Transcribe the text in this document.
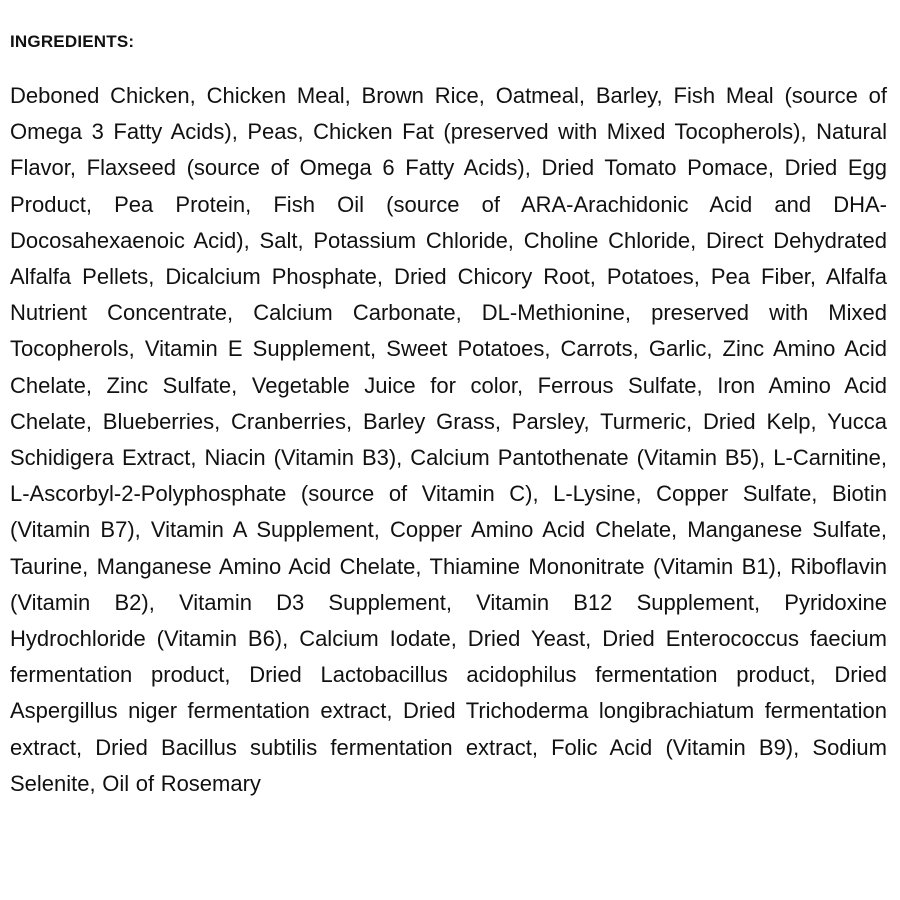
INGREDIENTS:

Deboned Chicken, Chicken Meal, Brown Rice, Oatmeal, Barley, Fish Meal (source of Omega 3 Fatty Acids), Peas, Chicken Fat (preserved with Mixed Tocopherols), Natural Flavor, Flaxseed (source of Omega 6 Fatty Acids), Dried Tomato Pomace, Dried Egg Product, Pea Protein, Fish Oil (source of ARA-Arachidonic Acid and DHA- Docosahexaenoic Acid), Salt, Potassium Chloride, Choline Chloride, Direct Dehydrated Alfalfa Pellets, Dicalcium Phosphate, Dried Chicory Root, Potatoes, Pea Fiber, Alfalfa Nutrient Concentrate, Calcium Carbonate, DL-Methionine, preserved with Mixed Tocopherols, Vitamin E Supplement, Sweet Potatoes, Carrots, Garlic, Zinc Amino Acid Chelate, Zinc Sulfate, Vegetable Juice for color, Ferrous Sulfate, Iron Amino Acid Chelate, Blueberries, Cranberries, Barley Grass, Parsley, Turmeric, Dried Kelp, Yucca Schidigera Extract, Niacin (Vitamin B3), Calcium Pantothenate (Vitamin B5), L-Carnitine, L-Ascorbyl-2-Polyphosphate (source of Vitamin C), L-Lysine, Copper Sulfate, Biotin (Vitamin B7), Vitamin A Supplement, Copper Amino Acid Chelate, Manganese Sulfate, Taurine, Manganese Amino Acid Chelate, Thiamine Mononitrate (Vitamin B1), Riboflavin (Vitamin B2), Vitamin D3 Supplement, Vitamin B12 Supplement, Pyridoxine Hydrochloride (Vitamin B6), Calcium Iodate, Dried Yeast, Dried Enterococcus faecium fermentation product, Dried Lactobacillus acidophilus fermentation product, Dried Aspergillus niger fermentation extract, Dried Trichoderma longibrachiatum fermentation extract, Dried Bacillus subtilis fermentation extract, Folic Acid (Vitamin B9), Sodium Selenite, Oil of Rosemary
